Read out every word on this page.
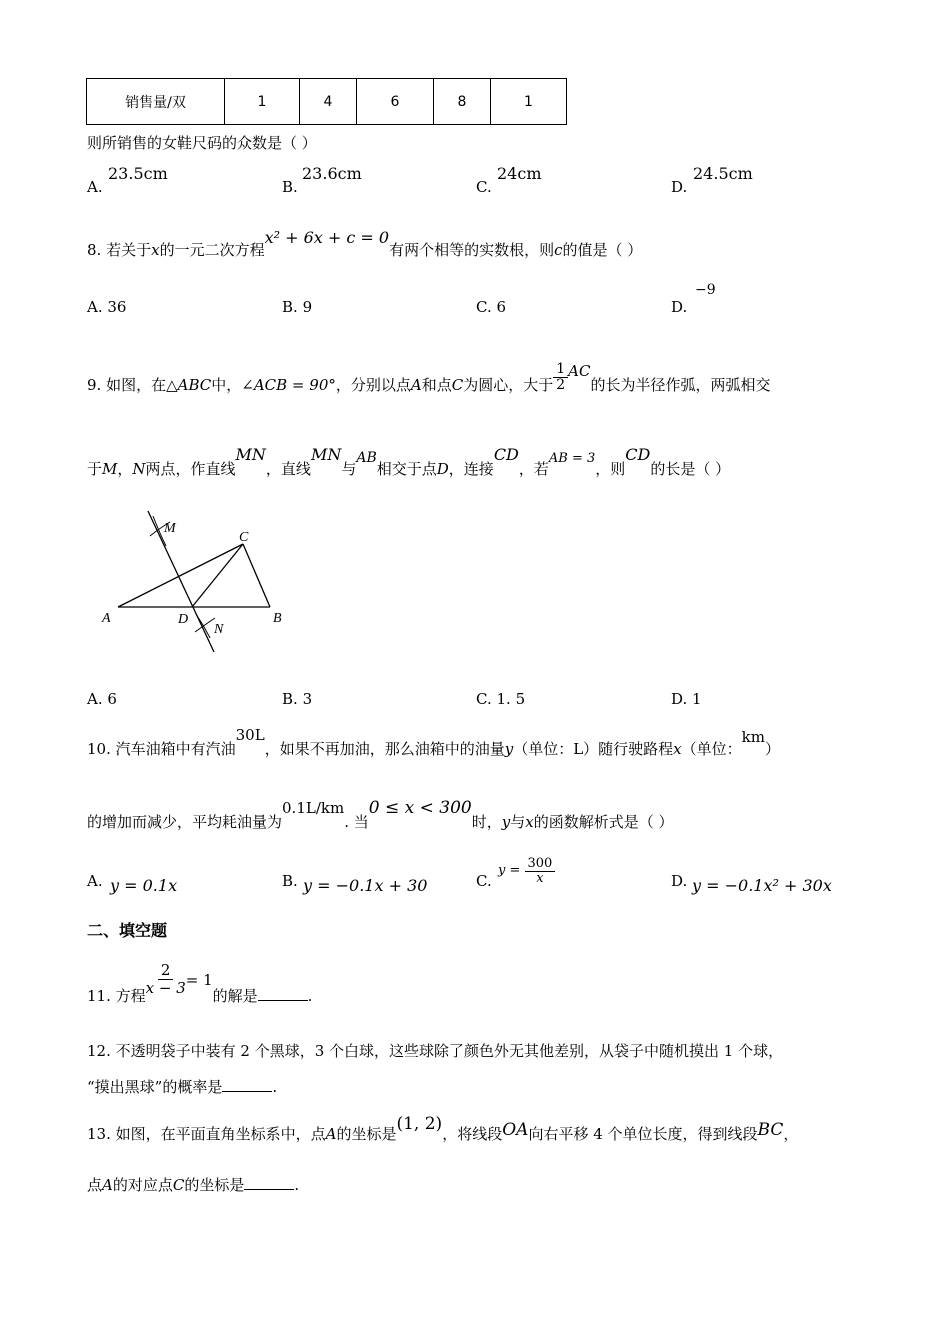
销售量/双	1	4	6	8	1
则所销售的女鞋尺码的众数是（ ）
A.
23.5cm
B.
23.6cm
C.
24cm
D.
24.5cm
8. 若关于x的一元二次方程x² + 6x + c = 0有两个相等的实数根，则c的值是（ ）
A. 36	B. 9	C. 6	D.
−9
9. 如图，在△ABC中，∠ACB = 90°，分别以点A和点C为圆心，大于 $\frac{1}{2}$ AC的长为半径作弧，两弧相交
于M，N两点，作直线MN，直线MN与AB相交于点D，连接CD，若AB = 3，则CD的长是（ ）
M
C
A	D
N
B
A. 6	B. 3	C. 1. 5	D. 1
10. 汽车油箱中有汽油30L，如果不再加油，那么油箱中的油量y（单位：L）随行驶路程x（单位：km）
的增加而减少，平均耗油量为0.1L/km. 当0 ≤ x < 300时，y与x的函数解析式是（ ）
A. y = 0.1x	B. y = −0.1x + 30	C.
$y = \frac{300}{x}$	D. y = −0.1x² + 30x
二、填空题
11. 方程 $\frac{2}{x - 3} = 1$的解是	.
12. 不透明袋子中装有 2 个黑球，3 个白球，这些球除了颜色外无其他差别，从袋子中随机摸出 1 个球，
“摸出黑球”的概率是	.
13. 如图，在平面直角坐标系中，点A的坐标是(1, 2)，将线段OA向右平移 4 个单位长度，得到线段BC，
点A的对应点C的坐标是	.
